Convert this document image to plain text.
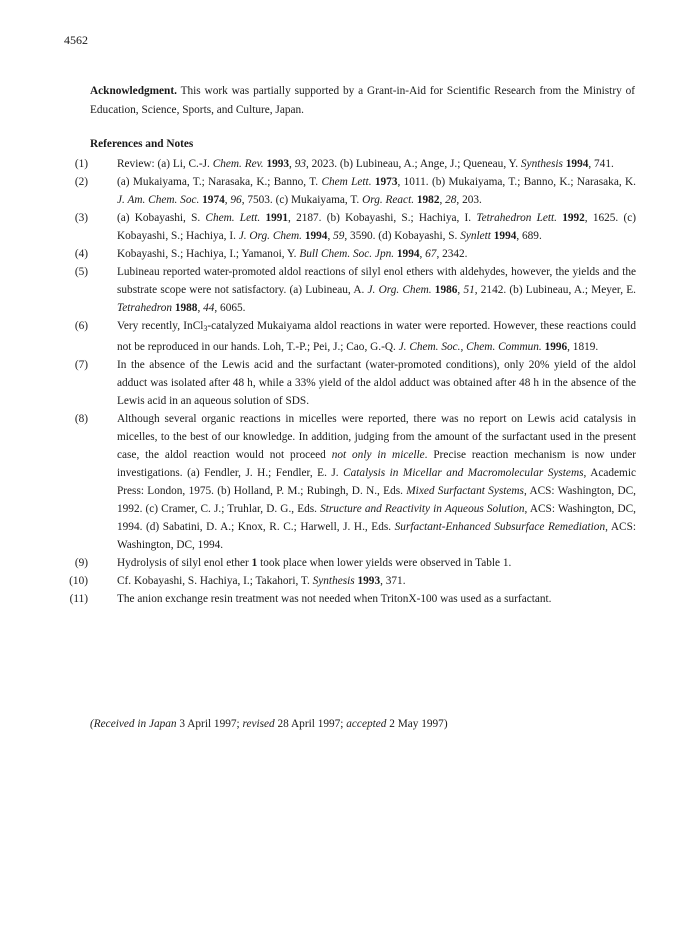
4562

Acknowledgment. This work was partially supported by a Grant-in-Aid for Scientific Research from the Ministry of Education, Science, Sports, and Culture, Japan.

References and Notes
(1)	Review: (a) Li, C.-J. Chem. Rev. 1993, 93, 2023. (b) Lubineau, A.; Ange, J.; Queneau, Y. Synthesis 1994, 741.
(2)	(a) Mukaiyama, T.; Narasaka, K.; Banno, T. Chem Lett. 1973, 1011. (b) Mukaiyama, T.; Banno, K.; Narasaka, K. J. Am. Chem. Soc. 1974, 96, 7503. (c) Mukaiyama, T. Org. React. 1982, 28, 203.
(3)	(a) Kobayashi, S. Chem. Lett. 1991, 2187. (b) Kobayashi, S.; Hachiya, I. Tetrahedron Lett. 1992, 1625. (c) Kobayashi, S.; Hachiya, I. J. Org. Chem. 1994, 59, 3590. (d) Kobayashi, S. Synlett 1994, 689.
(4)	Kobayashi, S.; Hachiya, I.; Yamanoi, Y. Bull Chem. Soc. Jpn. 1994, 67, 2342.
(5)	Lubineau reported water-promoted aldol reactions of silyl enol ethers with aldehydes, however, the yields and the substrate scope were not satisfactory. (a) Lubineau, A. J. Org. Chem. 1986, 51, 2142. (b) Lubineau, A.; Meyer, E. Tetrahedron 1988, 44, 6065.
(6)	Very recently, InCl$_3$-catalyzed Mukaiyama aldol reactions in water were reported. However, these reactions could not be reproduced in our hands. Loh, T.-P.; Pei, J.; Cao, G.-Q. J. Chem. Soc., Chem. Commun. 1996, 1819.
(7)	In the absence of the Lewis acid and the surfactant (water-promoted conditions), only 20% yield of the aldol adduct was isolated after 48 h, while a 33% yield of the aldol adduct was obtained after 48 h in the absence of the Lewis acid in an aqueous solution of SDS.
(8)	Although several organic reactions in micelles were reported, there was no report on Lewis acid catalysis in micelles, to the best of our knowledge. In addition, judging from the amount of the surfactant used in the present case, the aldol reaction would not proceed not only in micelle. Precise reaction mechanism is now under investigations. (a) Fendler, J. H.; Fendler, E. J. Catalysis in Micellar and Macromolecular Systems, Academic Press: London, 1975. (b) Holland, P. M.; Rubingh, D. N., Eds. Mixed Surfactant Systems, ACS: Washington, DC, 1992. (c) Cramer, C. J.; Truhlar, D. G., Eds. Structure and Reactivity in Aqueous Solution, ACS: Washington, DC, 1994. (d) Sabatini, D. A.; Knox, R. C.; Harwell, J. H., Eds. Surfactant-Enhanced Subsurface Remediation, ACS: Washington, DC, 1994.
(9)	Hydrolysis of silyl enol ether 1 took place when lower yields were observed in Table 1.
(10)	Cf. Kobayashi, S. Hachiya, I.; Takahori, T. Synthesis 1993, 371.
(11)	The anion exchange resin treatment was not needed when TritonX-100 was used as a surfactant.
(Received in Japan 3 April 1997; revised 28 April 1997; accepted 2 May 1997)
